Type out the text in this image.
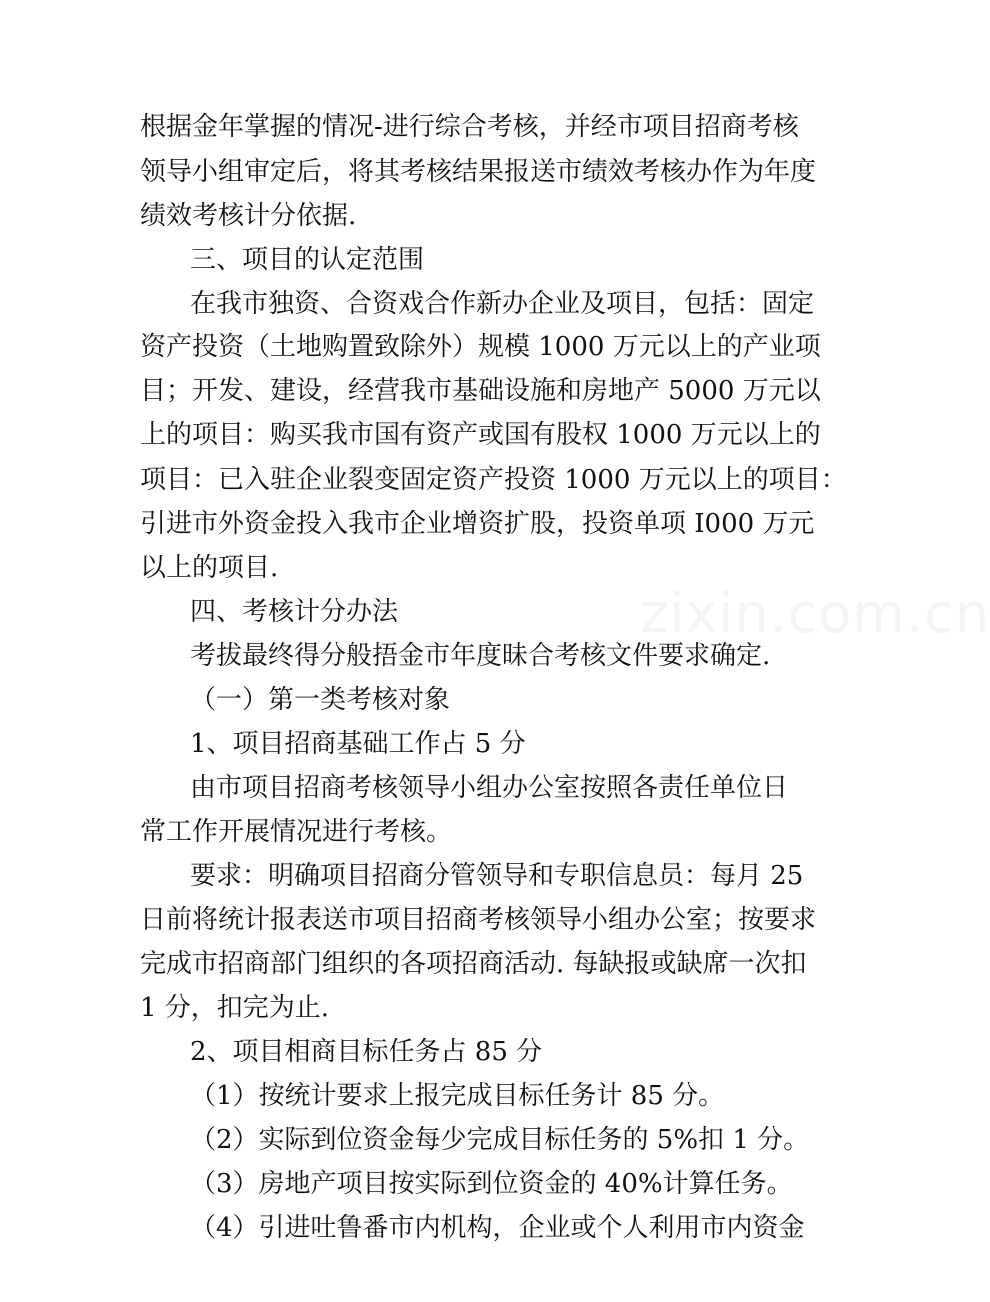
zixin.com.cn
根据金年掌握的情况-进行综合考核，并经市项目招商考核
领导小组审定后，将其考核结果报送市绩效考核办作为年度
绩效考核计分依据.
三、项目的认定范围
在我市独资、合资戏合作新办企业及项目，包括：固定
资产投资（土地购置致除外）规模 1000 万元以上的产业项
目；开发、建设，经营我市基础设施和房地产 5000 万元以
上的项目：购买我市国有资产或国有股权 1000 万元以上的
项目：已入驻企业裂变固定资产投资 1000 万元以上的项目：
引进市外资金投入我市企业增资扩股，投资单项 I000 万元
以上的项目.
四、考核计分办法
考拔最终得分般捂金市年度昧合考核文件要求确定.
（一）第一类考核对象
1、项目招商基础工作占 5 分
由市项目招商考核领导小组办公室按照各责任单位日
常工作开展情况进行考核。
要求：明确项目招商分管领导和专职信息员：每月 25
日前将统计报表送市项目招商考核领导小组办公室；按要求
完成市招商部门组织的各项招商活动. 每缺报或缺席一次扣
1 分，扣完为止.
2、项目相商目标任务占 85 分
（1）按统计要求上报完成目标任务计 85 分。
（2）实际到位资金每少完成目标任务的 5%扣 1 分。
（3）房地产项目按实际到位资金的 40%计算任务。
（4）引进吐鲁番市内机构，企业或个人利用市内资金
